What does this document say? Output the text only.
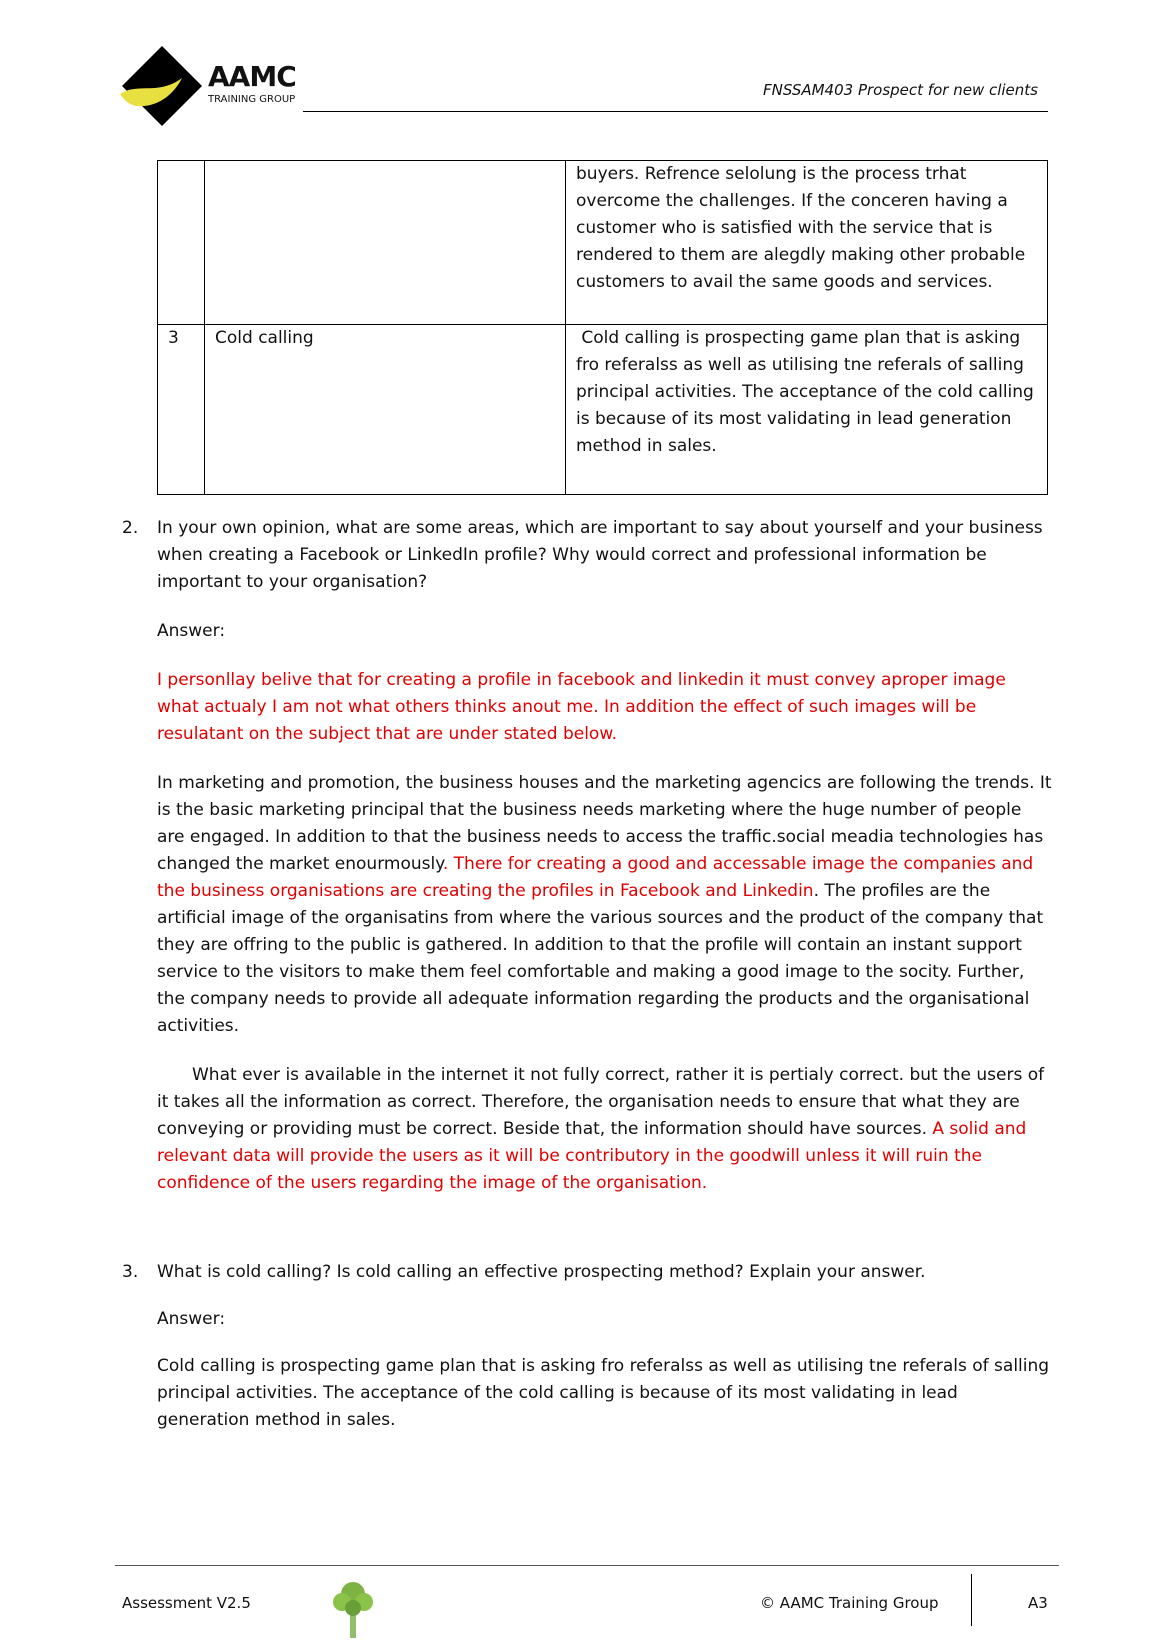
AAMC
TRAINING GROUP
FNSSAM403 Prospect for new clients
		buyers. Refrence selolung is the process trhat overcome the challenges. If the conceren having a customer who is satisfied with the service that is rendered to them are alegdly making other probable customers to avail the same goods and services.
3	Cold calling	Cold calling is prospecting game plan that is asking fro referalss as well as utilising tne referals of salling principal activities. The acceptance of the cold calling is because of its most validating in lead generation method in sales.
2. In your own opinion, what are some areas, which are important to say about yourself and your business when creating a Facebook or LinkedIn profile? Why would correct and professional information be important to your organisation?

Answer:

I personllay belive that for creating a profile in facebook and linkedin it must convey aproper image what actualy I am not what others thinks anout me. In addition the effect of such images will be resulatant on the subject that are under stated below.

In marketing and promotion, the business houses and the marketing agencics are following the trends. It is the basic marketing principal that the business needs marketing where the huge number of people are engaged. In addition to that the business needs to access the traffic.social meadia technologies has changed the market enourmously. There for creating a good and accessable image the companies and the business organisations are creating the profiles in Facebook and Linkedin. The profiles are the artificial image of the organisatins from where the various sources and the product of the company that they are offring to the public is gathered. In addition to that the profile will contain an instant support service to the visitors to make them feel comfortable and making a good image to the socity. Further, the company needs to provide all adequate information regarding the products and the organisational activities.

What ever is available in the internet it not fully correct, rather it is pertialy correct. but the users of it takes all the information as correct. Therefore, the organisation needs to ensure that what they are conveying or providing must be correct. Beside that, the information should have sources. A solid and relevant data will provide the users as it will be contributory in the goodwill unless it will ruin the confidence of the users regarding the image of the organisation.

3. What is cold calling? Is cold calling an effective prospecting method? Explain your answer.

Answer:

Cold calling is prospecting game plan that is asking fro referalss as well as utilising tne referals of salling principal activities. The acceptance of the cold calling is because of its most validating in lead generation method in sales.

Assessment V2.5	© AAMC Training Group	A3
